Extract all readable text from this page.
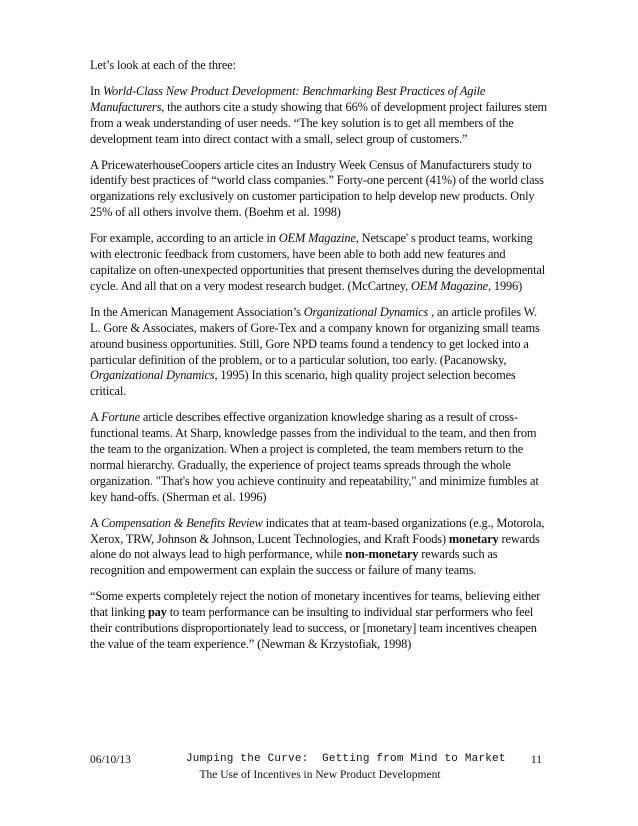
Let’s look at each of the three:

In World-Class New Product Development: Benchmarking Best Practices of Agile Manufacturers, the authors cite a study showing that 66% of development project failures stem from a weak understanding of user needs. “The key solution is to get all members of the development team into direct contact with a small, select group of customers.”

A PricewaterhouseCoopers article cites an Industry Week Census of Manufacturers study to identify best practices of “world class companies.” Forty-one percent (41%) of the world class organizations rely exclusively on customer participation to help develop new products. Only 25% of all others involve them. (Boehm et al. 1998)

For example, according to an article in OEM Magazine, Netscape' s product teams, working with electronic feedback from customers, have been able to both add new features and capitalize on often-unexpected opportunities that present themselves during the developmental cycle. And all that on a very modest research budget. (McCartney, OEM Magazine, 1996)

In the American Management Association’s Organizational Dynamics , an article profiles W. L. Gore & Associates, makers of Gore-Tex and a company known for organizing small teams around business opportunities. Still, Gore NPD teams found a tendency to get locked into a particular definition of the problem, or to a particular solution, too early. (Pacanowsky, Organizational Dynamics, 1995) In this scenario, high quality project selection becomes critical.

A Fortune article describes effective organization knowledge sharing as a result of cross-functional teams. At Sharp, knowledge passes from the individual to the team, and then from the team to the organization. When a project is completed, the team members return to the normal hierarchy. Gradually, the experience of project teams spreads through the whole organization. "That's how you achieve continuity and repeatability," and minimize fumbles at key hand-offs. (Sherman et al. 1996)

A Compensation & Benefits Review indicates that at team-based organizations (e.g., Motorola, Xerox, TRW, Johnson & Johnson, Lucent Technologies, and Kraft Foods) monetary rewards alone do not always lead to high performance, while non-monetary rewards such as recognition and empowerment can explain the success or failure of many teams.

“Some experts completely reject the notion of monetary incentives for teams, believing either that linking pay to team performance can be insulting to individual star performers who feel their contributions disproportionately lead to success, or [monetary] team incentives cheapen the value of the team experience.” (Newman & Krzystofiak, 1998)

06/10/13	Jumping the Curve:  Getting from Mind to Market 11
The Use of Incentives in New Product Development
